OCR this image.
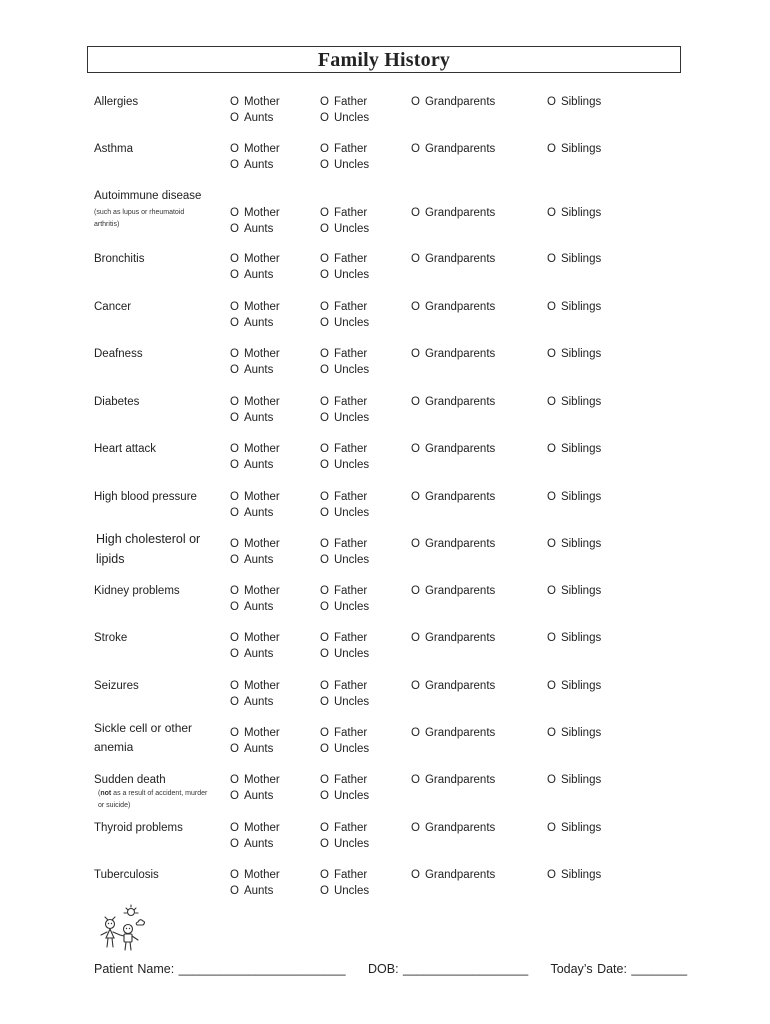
Family History
Allergies	O Mother	O Father	O Grandparents	O Siblings
O Aunts	O Uncles
Asthma	O Mother	O Father	O Grandparents	O Siblings
O Aunts	O Uncles
Autoimmune disease
(such as lupus or rheumatoid arthritis)
O Mother	O Father	O Grandparents	O Siblings
O Aunts	O Uncles
Bronchitis	O Mother	O Father	O Grandparents	O Siblings
O Aunts	O Uncles
Cancer	O Mother	O Father	O Grandparents	O Siblings
O Aunts	O Uncles
Deafness	O Mother	O Father	O Grandparents	O Siblings
O Aunts	O Uncles
Diabetes	O Mother	O Father	O Grandparents	O Siblings
O Aunts	O Uncles
Heart attack	O Mother	O Father	O Grandparents	O Siblings
O Aunts	O Uncles
High blood pressure	O Mother	O Father	O Grandparents	O Siblings
O Aunts	O Uncles
High cholesterol or lipids
O Mother	O Father	O Grandparents	O Siblings
O Aunts	O Uncles
Kidney problems	O Mother	O Father	O Grandparents	O Siblings
O Aunts	O Uncles
Stroke	O Mother	O Father	O Grandparents	O Siblings
O Aunts	O Uncles
Seizures	O Mother	O Father	O Grandparents	O Siblings
O Aunts	O Uncles
Sickle cell or other anemia
O Mother	O Father	O Grandparents	O Siblings
O Aunts	O Uncles
Sudden death
(not as a result of accident, murder or suicide)
O Mother	O Father	O Grandparents	O Siblings
O Aunts	O Uncles
Thyroid problems	O Mother	O Father	O Grandparents	O Siblings
O Aunts	O Uncles
Tuberculosis	O Mother	O Father	O Grandparents	O Siblings
O Aunts	O Uncles
Patient Name: ________________________ DOB: __________________ Today’s Date: ________
